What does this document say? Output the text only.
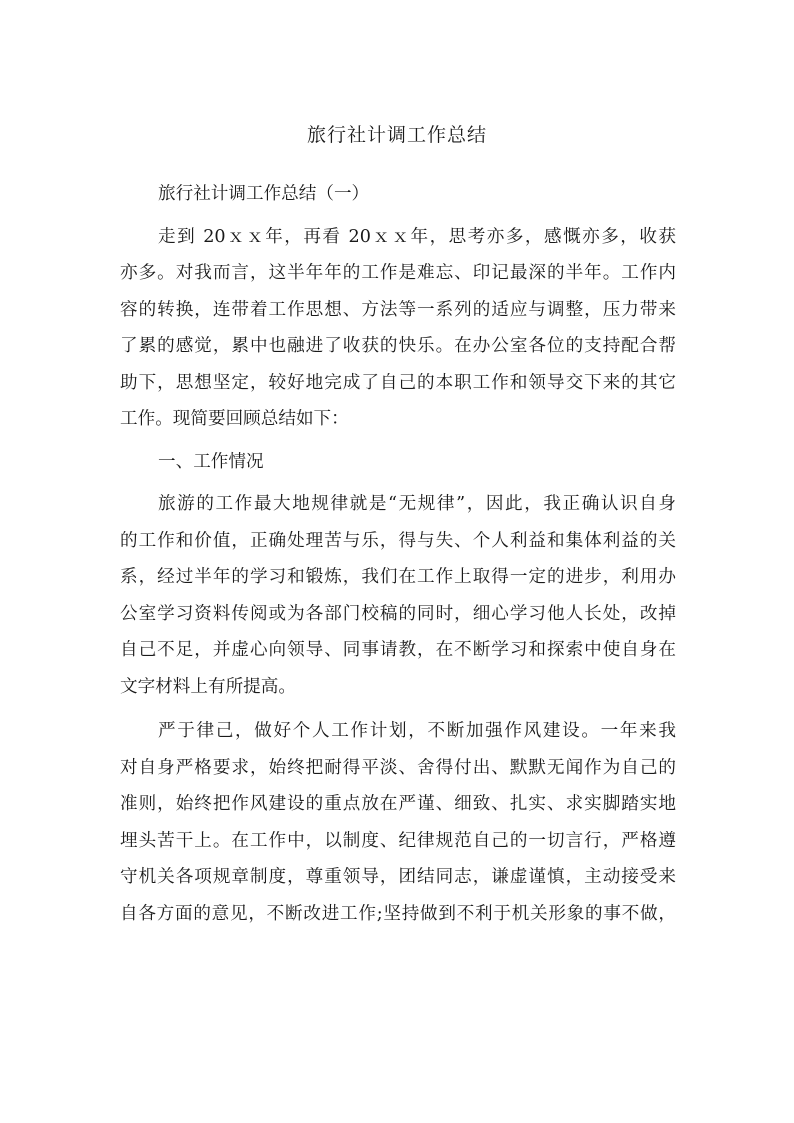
旅行社计调工作总结

旅行社计调工作总结（一）

走到 20ｘｘ年，再看 20ｘｘ年，思考亦多，感慨亦多，收获

亦多。对我而言，这半年年的工作是难忘、印记最深的半年。工作内

容的转换，连带着工作思想、方法等一系列的适应与调整，压力带来

了累的感觉，累中也融进了收获的快乐。在办公室各位的支持配合帮

助下，思想坚定，较好地完成了自己的本职工作和领导交下来的其它

工作。现简要回顾总结如下：

一、工作情况

旅游的工作最大地规律就是“无规律”，因此，我正确认识自身

的工作和价值，正确处理苦与乐，得与失、个人利益和集体利益的关

系，经过半年的学习和锻炼，我们在工作上取得一定的进步，利用办

公室学习资料传阅或为各部门校稿的同时，细心学习他人长处，改掉

自己不足，并虚心向领导、同事请教，在不断学习和探索中使自身在

文字材料上有所提高。

严于律己，做好个人工作计划，不断加强作风建设。一年来我

对自身严格要求，始终把耐得平淡、舍得付出、默默无闻作为自己的

准则，始终把作风建设的重点放在严谨、细致、扎实、求实脚踏实地

埋头苦干上。在工作中，以制度、纪律规范自己的一切言行，严格遵

守机关各项规章制度，尊重领导，团结同志，谦虚谨慎，主动接受来

自各方面的意见，不断改进工作;坚持做到不利于机关形象的事不做，
